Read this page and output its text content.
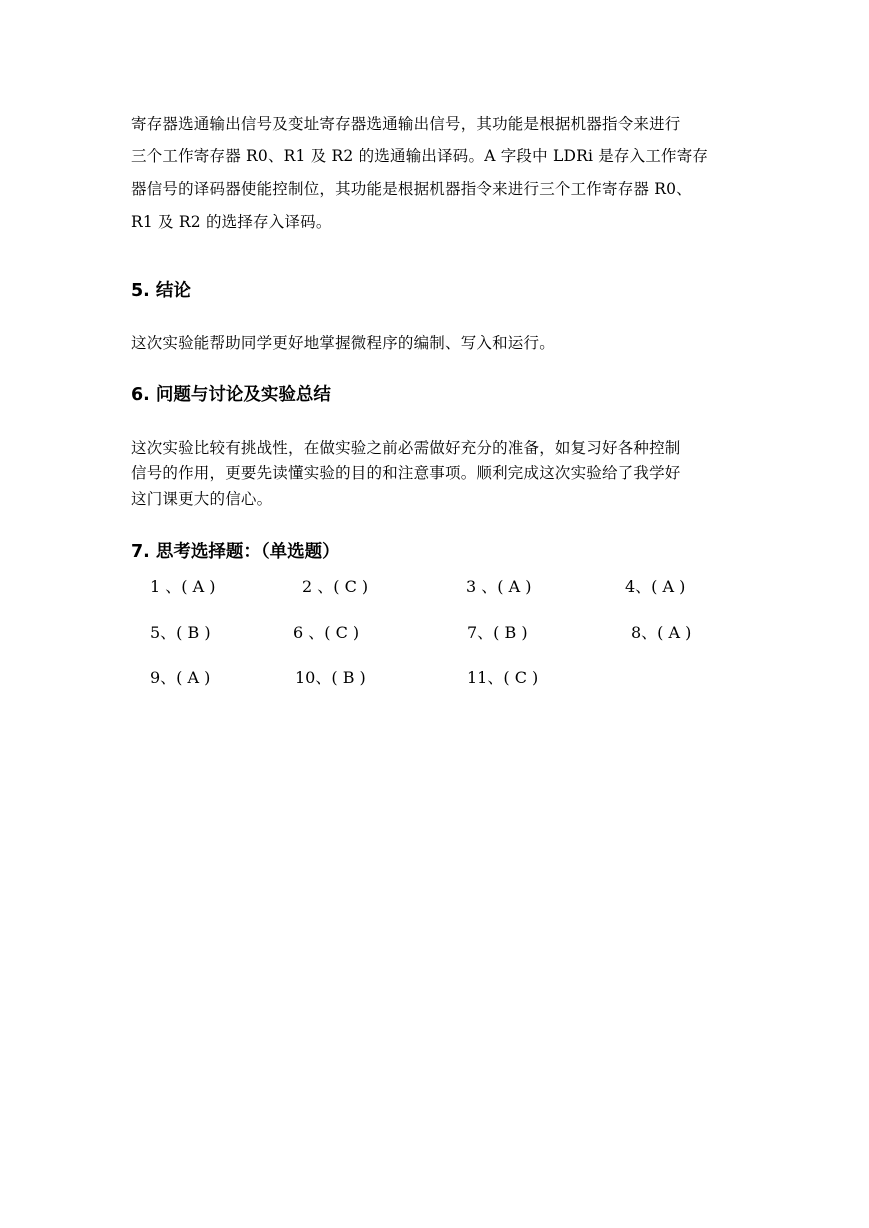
寄存器选通输出信号及变址寄存器选通输出信号，其功能是根据机器指令来进行
三个工作寄存器 R0、R1 及 R2 的选通输出译码。A 字段中 LDRi 是存入工作寄存
器信号的译码器使能控制位，其功能是根据机器指令来进行三个工作寄存器 R0、
R1 及 R2 的选择存入译码。
5. 结论
这次实验能帮助同学更好地掌握微程序的编制、写入和运行。
6. 问题与讨论及实验总结
这次实验比较有挑战性，在做实验之前必需做好充分的准备，如复习好各种控制
信号的作用，更要先读懂实验的目的和注意事项。顺利完成这次实验给了我学好
这门课更大的信心。
7. 思考选择题：（单选题）
1 、( A )	2 、( C )	3 、( A )	4、( A )
5、( B )	6 、( C )	7、( B )	8、( A )
9、( A )	10、( B )	11、( C )
